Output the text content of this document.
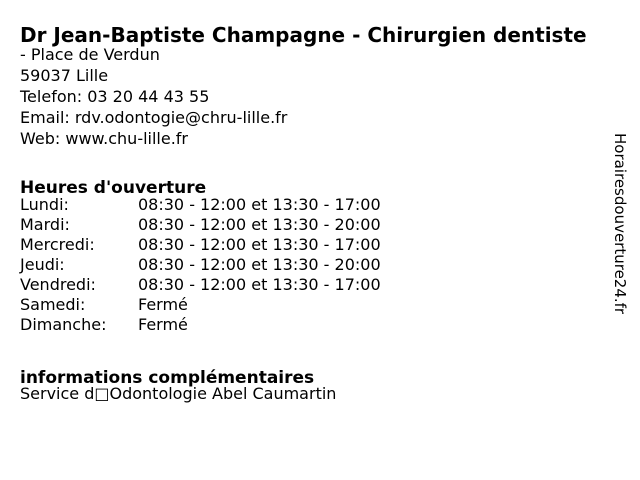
Dr Jean-Baptiste Champagne - Chirurgien dentiste
- Place de Verdun
59037 Lille
Telefon: 03 20 44 43 55
Email: rdv.odontogie@chru-lille.fr
Web: www.chu-lille.fr
Heures d'ouverture
Lundi:	08:30 - 12:00 et 13:30 - 17:00
Mardi:	08:30 - 12:00 et 13:30 - 20:00
Mercredi:	08:30 - 12:00 et 13:30 - 17:00
Jeudi:	08:30 - 12:00 et 13:30 - 20:00
Vendredi:	08:30 - 12:00 et 13:30 - 17:00
Samedi:	Fermé
Dimanche:	Fermé
informations complémentaires
Service d□Odontologie Abel Caumartin
Horairesdouverture24.fr
